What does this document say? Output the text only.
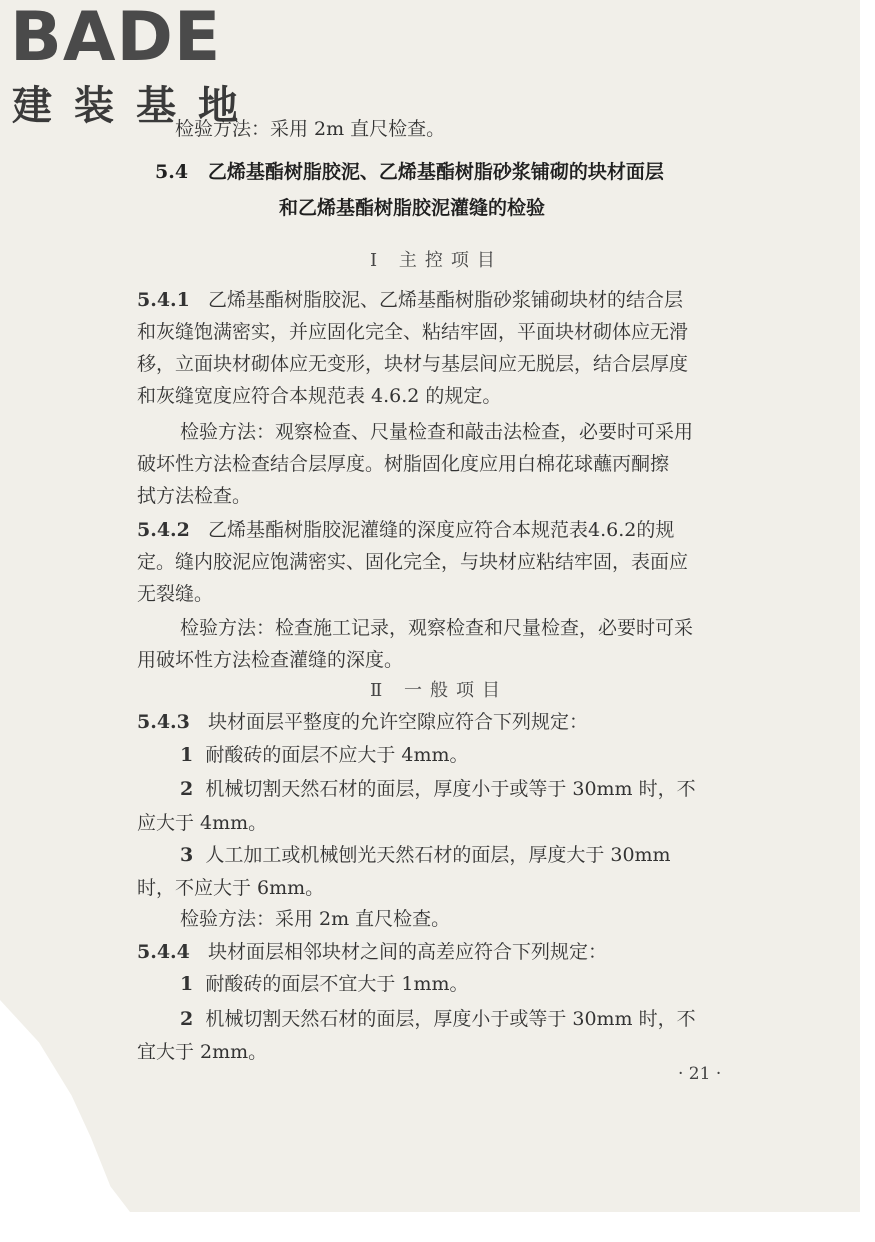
BADE
建装基地
检验方法：采用 2m 直尺检查。
5.4 乙烯基酯树脂胶泥、乙烯基酯树脂砂浆铺砌的块材面层
和乙烯基酯树脂胶泥灌缝的检验
Ⅰ 主控项目
5.4.1 乙烯基酯树脂胶泥、乙烯基酯树脂砂浆铺砌块材的结合层
和灰缝饱满密实，并应固化完全、粘结牢固，平面块材砌体应无滑
移，立面块材砌体应无变形，块材与基层间应无脱层，结合层厚度
和灰缝宽度应符合本规范表 4.6.2 的规定。
检验方法：观察检查、尺量检查和敲击法检查，必要时可采用
破坏性方法检查结合层厚度。树脂固化度应用白棉花球蘸丙酮擦
拭方法检查。
5.4.2 乙烯基酯树脂胶泥灌缝的深度应符合本规范表4.6.2的规
定。缝内胶泥应饱满密实、固化完全，与块材应粘结牢固，表面应
无裂缝。
检验方法：检查施工记录，观察检查和尺量检查，必要时可采
用破坏性方法检查灌缝的深度。
Ⅱ 一般项目
5.4.3 块材面层平整度的允许空隙应符合下列规定：
1 耐酸砖的面层不应大于 4mm。
2 机械切割天然石材的面层，厚度小于或等于 30mm 时，不
应大于 4mm。
3 人工加工或机械刨光天然石材的面层，厚度大于 30mm
时，不应大于 6mm。
检验方法：采用 2m 直尺检查。
5.4.4 块材面层相邻块材之间的高差应符合下列规定：
1 耐酸砖的面层不宜大于 1mm。
2 机械切割天然石材的面层，厚度小于或等于 30mm 时，不
宜大于 2mm。
· 21 ·
